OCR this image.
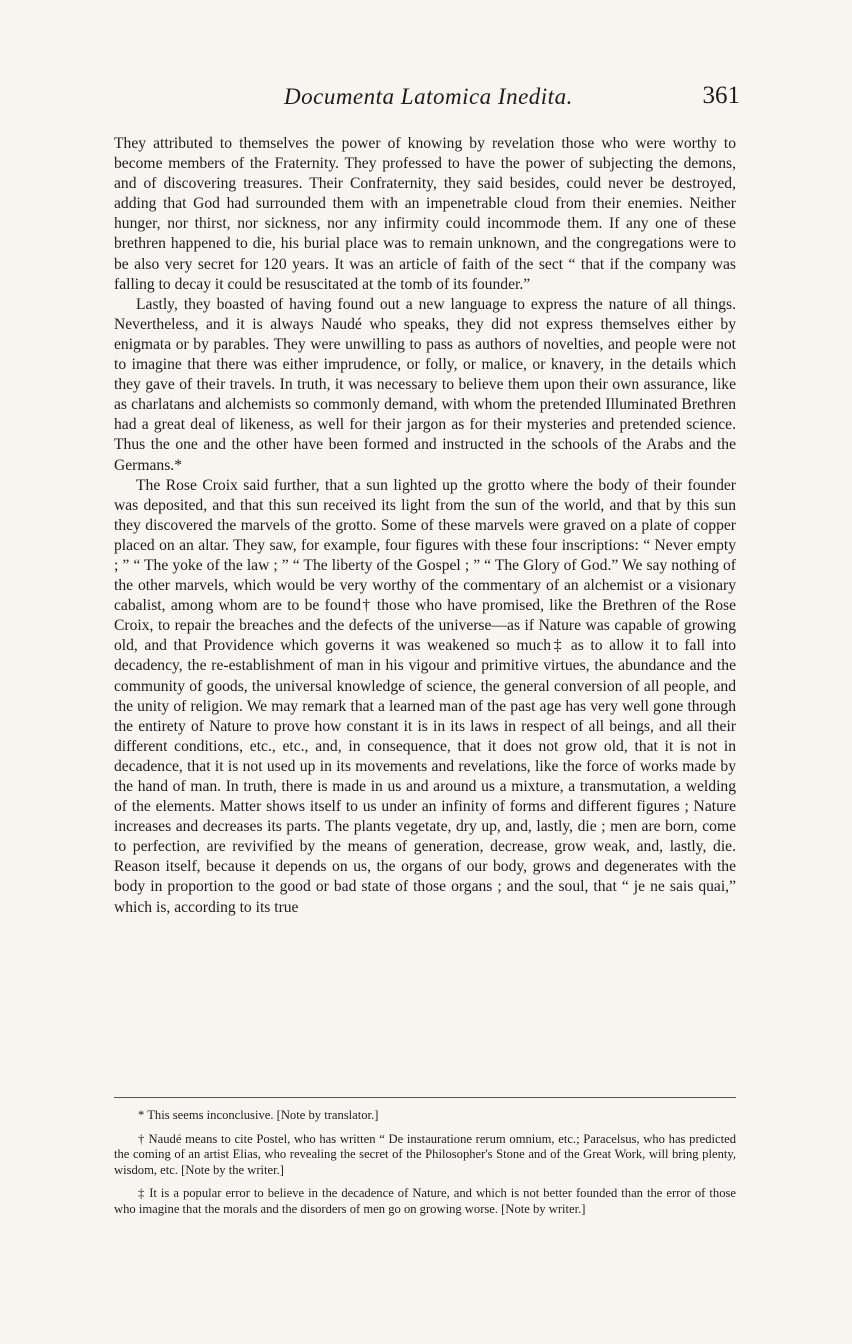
Documenta Latomica Inedita.	361

They attributed to themselves the power of knowing by revelation those who were worthy to become members of the Fraternity. They professed to have the power of subjecting the demons, and of discovering treasures. Their Confraternity, they said besides, could never be destroyed, adding that God had surrounded them with an impenetrable cloud from their enemies. Neither hunger, nor thirst, nor sickness, nor any infirmity could incommode them. If any one of these brethren happened to die, his burial place was to remain unknown, and the congregations were to be also very secret for 120 years. It was an article of faith of the sect “ that if the company was falling to decay it could be resuscitated at the tomb of its founder.”

Lastly, they boasted of having found out a new language to express the nature of all things. Nevertheless, and it is always Naudé who speaks, they did not express themselves either by enigmata or by parables. They were unwilling to pass as authors of novelties, and people were not to imagine that there was either imprudence, or folly, or malice, or knavery, in the details which they gave of their travels. In truth, it was necessary to believe them upon their own assurance, like as charlatans and alchemists so commonly demand, with whom the pretended Illuminated Brethren had a great deal of likeness, as well for their jargon as for their mysteries and pretended science. Thus the one and the other have been formed and instructed in the schools of the Arabs and the Germans.*

The Rose Croix said further, that a sun lighted up the grotto where the body of their founder was deposited, and that this sun received its light from the sun of the world, and that by this sun they discovered the marvels of the grotto. Some of these marvels were graved on a plate of copper placed on an altar. They saw, for example, four figures with these four inscriptions: “ Never empty ; ” “ The yoke of the law ; ” “ The liberty of the Gospel ; ” “ The Glory of God.” We say nothing of the other marvels, which would be very worthy of the commentary of an alchemist or a visionary cabalist, among whom are to be found† those who have promised, like the Brethren of the Rose Croix, to repair the breaches and the defects of the universe—as if Nature was capable of growing old, and that Providence which governs it was weakened so much‡ as to allow it to fall into decadency, the re-establishment of man in his vigour and primitive virtues, the abundance and the community of goods, the universal knowledge of science, the general conversion of all people, and the unity of religion. We may remark that a learned man of the past age has very well gone through the entirety of Nature to prove how constant it is in its laws in respect of all beings, and all their different conditions, etc., etc., and, in consequence, that it does not grow old, that it is not in decadence, that it is not used up in its movements and revelations, like the force of works made by the hand of man. In truth, there is made in us and around us a mixture, a transmutation, a welding of the elements. Matter shows itself to us under an infinity of forms and different figures ; Nature increases and decreases its parts. The plants vegetate, dry up, and, lastly, die ; men are born, come to perfection, are revivified by the means of generation, decrease, grow weak, and, lastly, die. Reason itself, because it depends on us, the organs of our body, grows and degenerates with the body in proportion to the good or bad state of those organs ; and the soul, that “ je ne sais quai,” which is, according to its true

* This seems inconclusive. [Note by translator.]

† Naudé means to cite Postel, who has written “ De instauratione rerum omnium, etc.; Paracelsus, who has predicted the coming of an artist Elias, who revealing the secret of the Philosopher's Stone and of the Great Work, will bring plenty, wisdom, etc. [Note by the writer.]

‡ It is a popular error to believe in the decadence of Nature, and which is not better founded than the error of those who imagine that the morals and the disorders of men go on growing worse. [Note by writer.]
